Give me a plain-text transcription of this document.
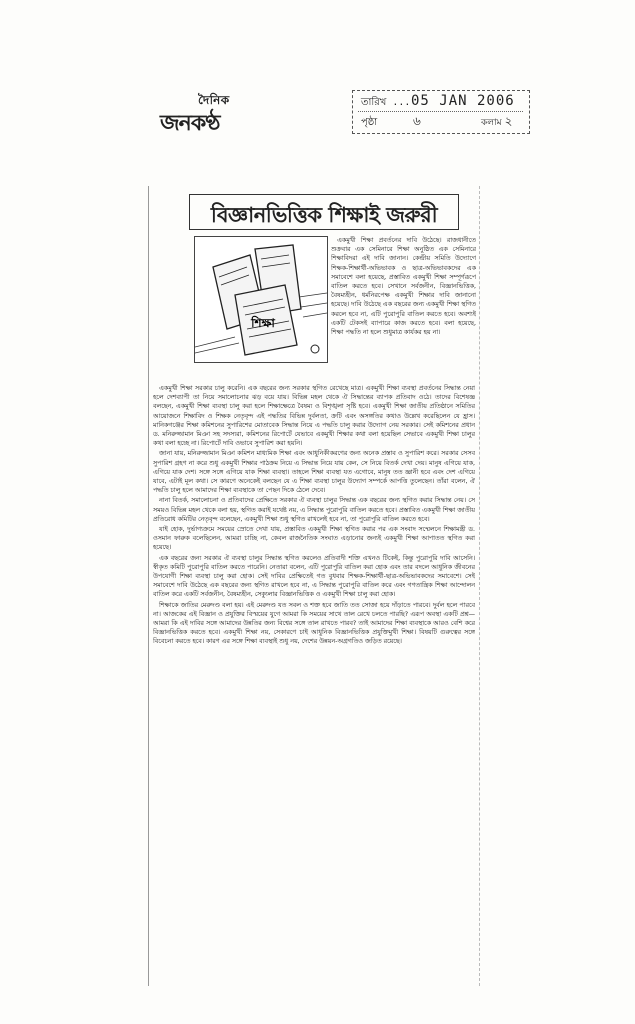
দৈনিক
জনকণ্ঠ
তারিখ ... 05 JAN 2006
পৃষ্ঠা	৬	কলাম ২
বিজ্ঞানভিত্তিক শিক্ষাই জরুরী
শিক্ষা

একমুখী শিক্ষা প্রবর্তনের দাবি উঠেছে। রাজধানীতে শুক্রবার এক সেমিনারে শিক্ষা অনুষ্ঠিত এক সেমিনারে শিক্ষাবিদরা এই দাবি জানান। কেন্দ্রীয় সমিতি উদ্যোগে শিক্ষক-শিক্ষার্থী-অভিভাবক ও ছাত্র-অভিভাবকদের এক সমাবেশে বলা হয়েছে, প্রস্তাবিত একমুখী শিক্ষা সম্পূর্ণরূপে বাতিল করতে হবে। সেখানে সর্বজনীন, বিজ্ঞানভিত্তিক, বৈষম্যহীন, ধর্মনিরপেক্ষ একমুখী শিক্ষার দাবি জানানো হয়েছে। দাবি উঠেছে এক বছরের জন্য একমুখী শিক্ষা স্থগিত করলে হবে না, এটি পুরোপুরি বাতিল করতে হবে। অবশ্যই একটি টেকসই ব্যাপারে কাজ করতে হবে। বলা হয়েছে, শিক্ষা পদ্ধতি না হলে শুধুমাত্র কার্যকর হয় না।

একমুখী শিক্ষা সরকার চালু করেনি। এক বছরের জন্য সরকার স্থগিত রেখেছে মাত্র। একমুখী শিক্ষা ব্যবস্থা প্রবর্তনের সিদ্ধান্ত নেয়া হলে দেশব্যাপী তা নিয়ে সমালোচনার ঝড় বয়ে যায়। বিভিন্ন মহল থেকে ঐ সিদ্ধান্তের ব্যাপক প্রতিবাদ ওঠে। তাদের বিশেষজ্ঞ বলছেন, একমুখী শিক্ষা ব্যবস্থা চালু করা হলে শিক্ষাক্ষেত্রে বৈষম্য ও বিশৃঙ্খলা সৃষ্টি হবে। একমুখী শিক্ষা জাতীয় প্রতিষ্ঠানে সমিতির আয়োজনে শিক্ষাবিদ ও শিক্ষক নেতৃবৃন্দ এই পদ্ধতির বিভিন্ন দুর্বলতা, ক্রটি এবং অসঙ্গতির কথাও উল্লেখ করেছিলেন যে হ্রাস। মানিকগঞ্জের শিক্ষা কমিশনের সুপারিশের মোতাবেক সিদ্ধান্ত নিয়ে এ পদ্ধতি চালু করার উদ্যোগ নেয় সরকার। সেই কমিশনের প্রধান ড. মনিরুজ্জামান মিঞা সহ সদস্যরা, কমিশনের রিপোর্টে যেভাবে একমুখী শিক্ষার কথা বলা হয়েছিল সেভাবে একমুখী শিক্ষা চালুর কথা বলা হচ্ছে না। রিপোর্টে দাবি ওভাবে সুপারিশ করা হয়নি।

জানা যায়, মনিরুজ্জামান মিঞা কমিশন মাধ্যমিক শিক্ষা এবং আধুনিকীকরণের জন্য অনেক প্রস্তাব ও সুপারিশ করে। সরকার সেসব সুপারিশ গ্রহণ না করে শুধু একমুখী শিক্ষার পাঠক্রম নিয়ে এ সিদ্ধান্ত নিয়ে যায় কেন, সে নিয়ে বিতর্ক দেখা দেয়। মানুষ এগিয়ে যাক, এগিয়ে যাক দেশ। সঙ্গে সঙ্গে এগিয়ে যাক শিক্ষা ব্যবস্থা। তাহলে শিক্ষা ব্যবস্থা যত এগোবে, মানুষ তত জ্ঞানী হবে এবং দেশ এগিয়ে যাবে, এটাই মূল কথা। সে কারণে অনেকেই বলছেন যে এ শিক্ষা ব্যবস্থা চালুর উদ্যোগ সম্পর্কে আপত্তি তুলেছেন। তাঁরা বলেন, ঐ পদ্ধতি চালু হলে আমাদের শিক্ষা ব্যবস্থাকে তা পেছন দিকে ঠেলে দেবে।

নানা বিতর্ক, সমালোচনা ও প্রতিবাদের প্রেক্ষিতে সরকার ঐ ব্যবস্থা চালুর সিদ্ধান্ত এক বছরের জন্য স্থগিত করার সিদ্ধান্ত নেয়। সে সময়ও বিভিন্ন মহল থেকে বলা হয়, স্থগিত করাই যথেষ্ট নয়, এ সিদ্ধান্ত পুরোপুরি বাতিল করতে হবে। প্রস্তাবিত একমুখী শিক্ষা জাতীয় প্রতিরোধ কমিটির নেতৃবৃন্দ বলেছেন, একমুখী শিক্ষা শুধু স্থগিত রাখলেই হবে না, তা পুরোপুরি বাতিল করতে হবে।

যাই হোক, দুর্ভাগ্যক্রমে সময়ের স্রোতে দেখা যায়, প্রস্তাবিত একমুখী শিক্ষা স্থগিত করার পর এক সংবাদ সম্মেলনে শিক্ষামন্ত্রী ড. ওসমান ফারুক বলেছিলেন, আমরা চাচ্ছি না, কেবল রাজনৈতিক সংঘাত এড়ানোর জন্যই একমুখী শিক্ষা আপাতত স্থগিত করা হয়েছে।

এক বছরের জন্য সরকার ঐ ব্যবস্থা চালুর সিদ্ধান্ত স্থগিত করলেও প্রতিবাদী শক্তি এখনও টিকেই, কিন্তু পুরোপুরি দাবি আসেনি। স্বীকৃত কমিটি পুরোপুরি বাতিল করতে পারেনি। নেতারা বলেন, এটি পুরোপুরি বাতিল করা হোক এবং তার বদলে আধুনিক জীবনের উপযোগী শিক্ষা ব্যবস্থা চালু করা হোক। সেই দাবির প্রেক্ষিতেই গত বুধবার শিক্ষক-শিক্ষার্থী-ছাত্র-অভিভাবকদের সমাবেশে। সেই সমাবেশে দাবি উঠেছে এক বছরের জন্য স্থগিত রাখলে হবে না, এ সিদ্ধান্ত পুরোপুরি বাতিল করে এবং গণতান্ত্রিক শিক্ষা আন্দোলন বাতিল করে একটি সর্বজনীন, বৈষম্যহীন, সেক্যুলার বিজ্ঞানভিত্তিক ও একমুখী শিক্ষা চালু করা হোক।

শিক্ষাকে জাতির মেরুদণ্ড বলা হয়। এই মেরুদণ্ড যত সবল ও শক্ত হবে জাতি তত সোজা হয়ে দাঁড়াতে পারবে। দুর্বল হলে পারবে না। আজকের এই বিজ্ঞান ও প্রযুক্তির বিস্ময়ের যুগে আমরা কি সময়ের সাথে তাল রেখে চলতে পারছি? এরূপ অবস্থা একটি প্রশ্ন—আমরা কি এই দাবির সঙ্গে আমাদের উন্নতির জন্য বিশ্বের সঙ্গে তাল রাখতে পারব? তাই আমাদের শিক্ষা ব্যবস্থাকে আরও বেশি করে বিজ্ঞানভিত্তিক করতে হবে। একমুখী শিক্ষা নয়, সেকারণে চাই আধুনিক বিজ্ঞানভিত্তিক প্রযুক্তিমুখী শিক্ষা। বিষয়টি গুরুত্বের সঙ্গে বিবেচনা করতে হবে। কারণ এর সঙ্গে শিক্ষা ব্যবস্থাই শুধু নয়, দেশের উন্নয়ন-অগ্রগতিও জড়িত রয়েছে।
